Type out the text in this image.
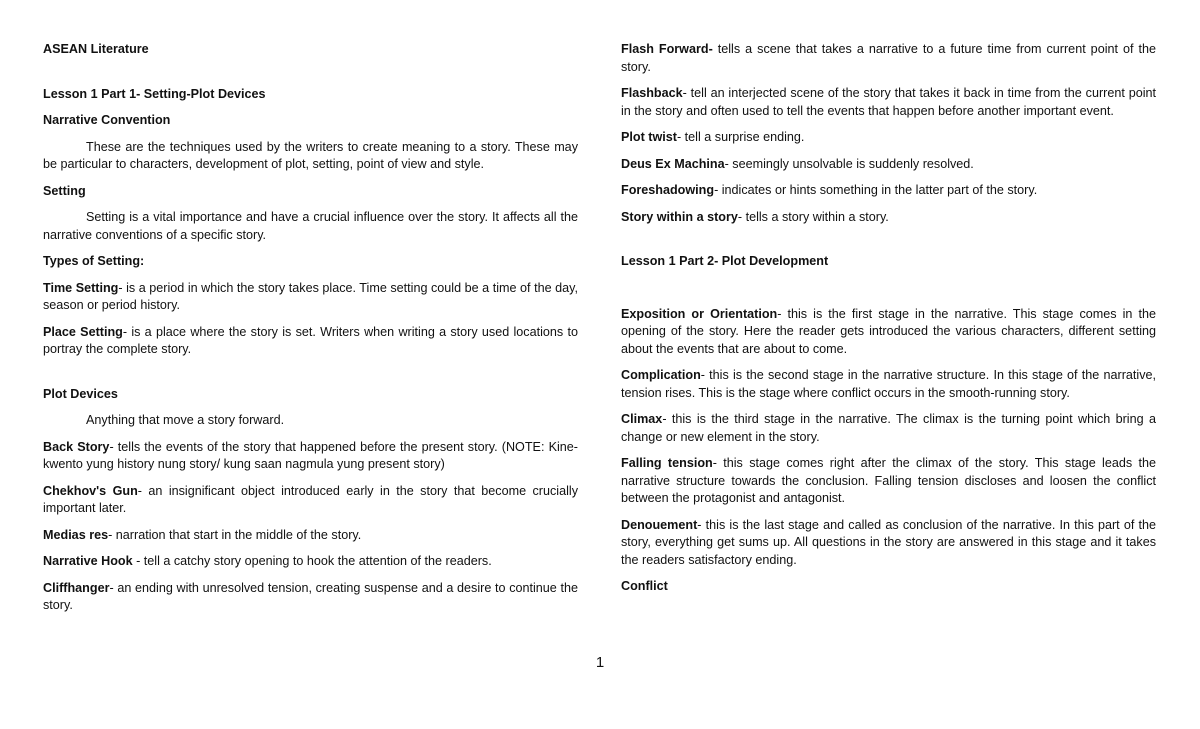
ASEAN Literature
Lesson 1 Part 1- Setting-Plot Devices
Narrative Convention

These are the techniques used by the writers to create meaning to a story. These may be particular to characters, development of plot, setting, point of view and style.

Setting

Setting is a vital importance and have a crucial influence over the story. It affects all the narrative conventions of a specific story.

Types of Setting:

Time Setting- is a period in which the story takes place. Time setting could be a time of the day, season or period history.

Place Setting- is a place where the story is set. Writers when writing a story used locations to portray the complete story.

Plot Devices

Anything that move a story forward.

Back Story- tells the events of the story that happened before the present story. (NOTE: Kine-kwento yung history nung story/ kung saan nagmula yung present story)

Chekhov's Gun- an insignificant object introduced early in the story that become crucially important later.

Medias res- narration that start in the middle of the story.

Narrative Hook - tell a catchy story opening to hook the attention of the readers.

Cliffhanger- an ending with unresolved tension, creating suspense and a desire to continue the story.

Flash Forward- tells a scene that takes a narrative to a future time from current point of the story.

Flashback- tell an interjected scene of the story that takes it back in time from the current point in the story and often used to tell the events that happen before another important event.

Plot twist- tell a surprise ending.

Deus Ex Machina- seemingly unsolvable is suddenly resolved.

Foreshadowing- indicates or hints something in the latter part of the story.

Story within a story- tells a story within a story.

Lesson 1 Part 2- Plot Development

Exposition or Orientation- this is the first stage in the narrative. This stage comes in the opening of the story. Here the reader gets introduced the various characters, different setting about the events that are about to come.

Complication- this is the second stage in the narrative structure. In this stage of the narrative, tension rises. This is the stage where conflict occurs in the smooth-running story.

Climax- this is the third stage in the narrative. The climax is the turning point which bring a change or new element in the story.

Falling tension- this stage comes right after the climax of the story. This stage leads the narrative structure towards the conclusion. Falling tension discloses and loosen the conflict between the protagonist and antagonist.

Denouement- this is the last stage and called as conclusion of the narrative. In this part of the story, everything get sums up. All questions in the story are answered in this stage and it takes the readers satisfactory ending.

Conflict
1
